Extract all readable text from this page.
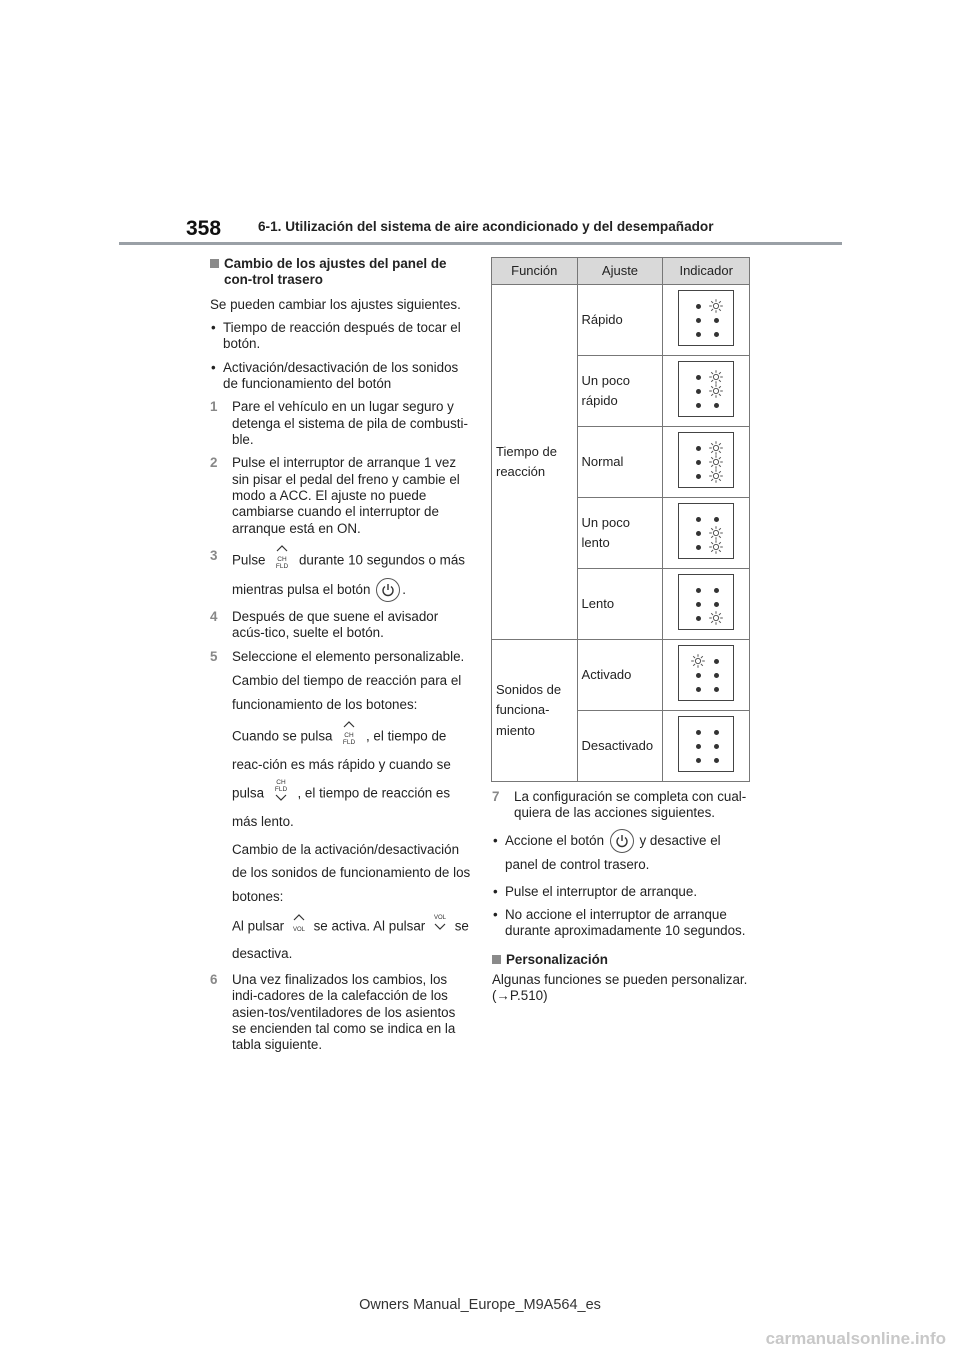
358	6-1. Utilización del sistema de aire acondicionado y del desempañador
Cambio de los ajustes del panel de con-trol trasero

Se pueden cambiar los ajustes siguientes.

• Tiempo de reacción después de tocar el botón.
• Activación/desactivación de los sonidos de funcionamiento del botón
1 Pare el vehículo en un lugar seguro y detenga el sistema de pila de combusti-ble.
2 Pulse el interruptor de arranque 1 vez sin pisar el pedal del freno y cambie el modo a ACC. El ajuste no puede cambiarse cuando el interruptor de arranque está en ON.
3 Pulse CH
FLD durante 10 segundos o más
mientras pulsa el botón .
4 Después de que suene el avisador acús-tico, suelte el botón.
5 Seleccione el elemento personalizable.
Cambio del tiempo de reacción para el funcionamiento de los botones:
Cuando se pulsa CH
FLD , el tiempo de reac-ción es más rápido y cuando se pulsa
CH
FLD , el tiempo de reacción es más lento.
Cambio de la activación/desactivación de los sonidos de funcionamiento de los botones:
Al pulsar VOL se activa. Al pulsar
VOL
se desactiva.
6 Una vez finalizados los cambios, los indi-cadores de la calefacción de los asien-tos/ventiladores de los asientos se encienden tal como se indica en la tabla siguiente.
Función	Ajuste	Indicador
Tiempo de reacción	Rápido	

	Un poco rápido	

	Normal	

	Un poco lento	

	Lento	

Sonidos de funciona-miento	Activado	

	Desactivado	
7 La configuración se completa con cual-quiera de las acciones siguientes.
• Accione el botón	y desactive el panel de control trasero.
• Pulse el interruptor de arranque.
• No accione el interruptor de arranque durante aproximadamente 10 segundos.
Personalización
Algunas funciones se pueden personalizar.
(→P.510)
Owners Manual_Europe_M9A564_es
carmanualsonline.info
